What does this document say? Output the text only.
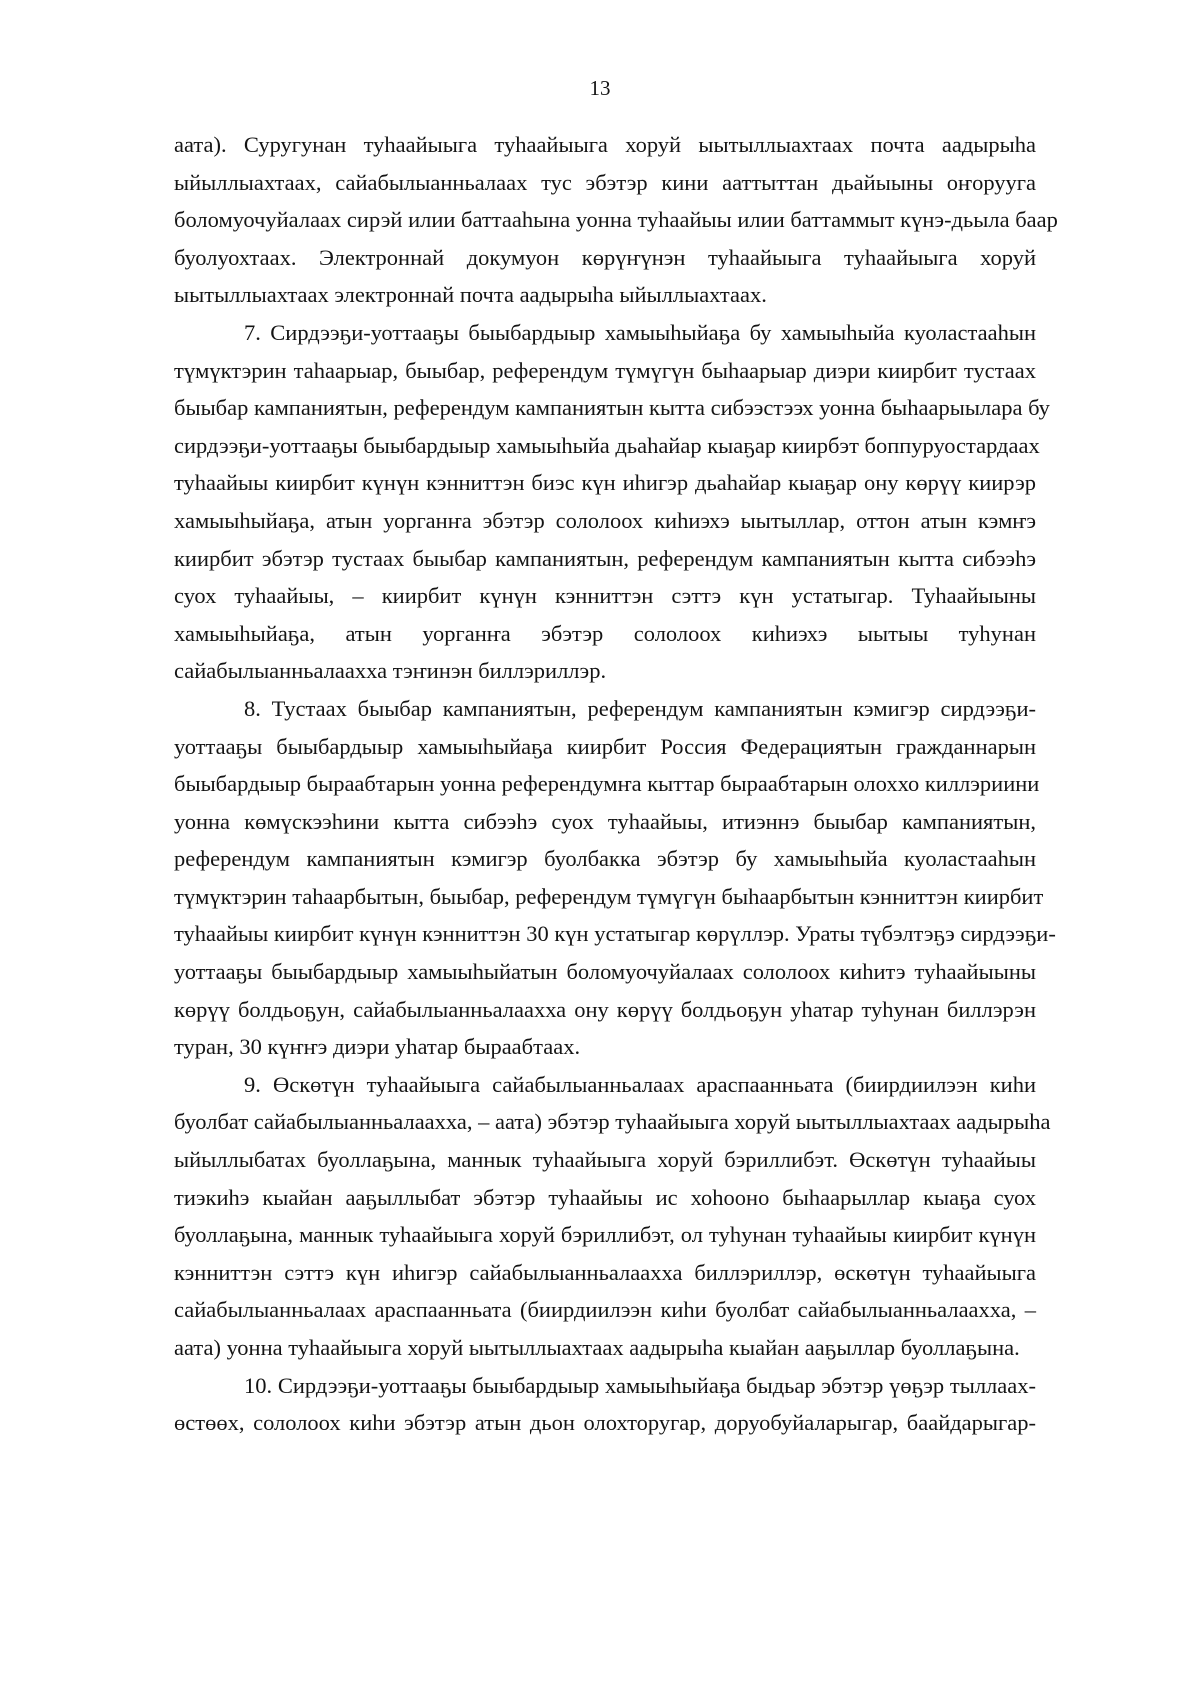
13
аата). Суругунан туhаайыыга туhаайыыга хоруй ыытыллыахтаах почта аадырыhа
ыйыллыахтаах, сайабылыанньалаах тус эбэтэр кини ааттыттан дьайыыны оҥоруугa
боломуочуйалаах сирэй илии баттааhына уонна туhаайыы илии баттаммыт күнэ-дьыла баар
буолуохтаах. Электроннай докумуон көрүҥүнэн туhаайыыга туhаайыыга хоруй
ыытыллыахтаах электроннай почта аадырыhа ыйыллыахтаах.
7. Сирдээҕи-уоттааҕы быыбардыыр хамыыhыйаҕа бу хамыыhыйа куоластааhын
түмүктэрин таhаарыар, быыбар, референдум түмүгүн быhаарыар диэри киирбит тустаах
быыбар кампаниятын, референдум кампаниятын кытта сибээстээх уонна быhаарыылара бу
сирдээҕи-уоттааҕы быыбардыыр хамыыhыйа дьаhайар кыаҕар киирбэт боппуруостардаах
туhаайыы киирбит күнүн кэнниттэн биэс күн иhигэр дьаhайар кыаҕар ону көрүү киирэр
хамыыhыйаҕа, атын уорганҥа эбэтэр сололоох киhиэхэ ыытыллар, оттон атын кэмҥэ
киирбит эбэтэр тустаах быыбар кампаниятын, референдум кампаниятын кытта сибээhэ
суох туhаайыы, – киирбит күнүн кэнниттэн сэттэ күн устатыгар. Туhаайыыны
хамыыhыйаҕа, атын уорганҥа эбэтэр сололоох киhиэхэ ыытыы туhунан
сайабылыанньалаахха тэҥинэн биллэриллэр.
8. Тустаах быыбар кампаниятын, референдум кампаниятын кэмигэр сирдээҕи-
уоттааҕы быыбардыыр хамыыhыйаҕа киирбит Россия Федерациятын гражданнарын
быыбардыыр быраабтарын уонна референдумҥа кыттар быраабтарын олоххо киллэриини
уонна көмүскээhини кытта сибээhэ суох туhаайыы, итиэннэ быыбар кампаниятын,
референдум кампаниятын кэмигэр буолбакка эбэтэр бу хамыыhыйа куоластааhын
түмүктэрин таhаарбытын, быыбар, референдум түмүгүн быhаарбытын кэнниттэн киирбит
туhаайыы киирбит күнүн кэнниттэн 30 күн устатыгар көрүллэр. Ураты түбэлтэҕэ сирдээҕи-
уоттааҕы быыбардыыр хамыыhыйатын боломуочуйалаах сололоох киhитэ туhаайыыны
көрүү болдьоҕун, сайабылыанньалаахха ону көрүү болдьоҕун уhатар туhунан биллэрэн
туран, 30 күҥҥэ диэри уhатар быраабтаах.
9. Өскөтүн туhаайыыга сайабылыанньалаах араспаанньата (биирдиилээн киhи
буолбат сайабылыанньалаахха, – аата) эбэтэр туhаайыыга хоруй ыытыллыахтаах аадырыhа
ыйыллыбатах буоллаҕына, маннык туhаайыыга хоруй бэриллибэт. Өскөтүн туhаайыы
тиэкиhэ кыайан ааҕыллыбат эбэтэр туhаайыы ис хоhооно быhаарыллар кыаҕа суох
буоллаҕына, маннык туhаайыыга хоруй бэриллибэт, ол туhунан туhаайыы киирбит күнүн
кэнниттэн сэттэ күн иhигэр сайабылыанньалаахха биллэриллэр, өскөтүн туhаайыыга
сайабылыанньалаах араспаанньата (биирдиилээн киhи буолбат сайабылыанньалаахха, –
аата) уонна туhаайыыга хоруй ыытыллыахтаах аадырыhа кыайан ааҕыллар буоллаҕына.
10. Сирдээҕи-уоттааҕы быыбардыыр хамыыhыйаҕа быдьар эбэтэр үөҕэр тыллаах-
өстөөх, сололоох киhи эбэтэр атын дьон олохторугар, доруобуйаларыгар, баайдарыгар-
